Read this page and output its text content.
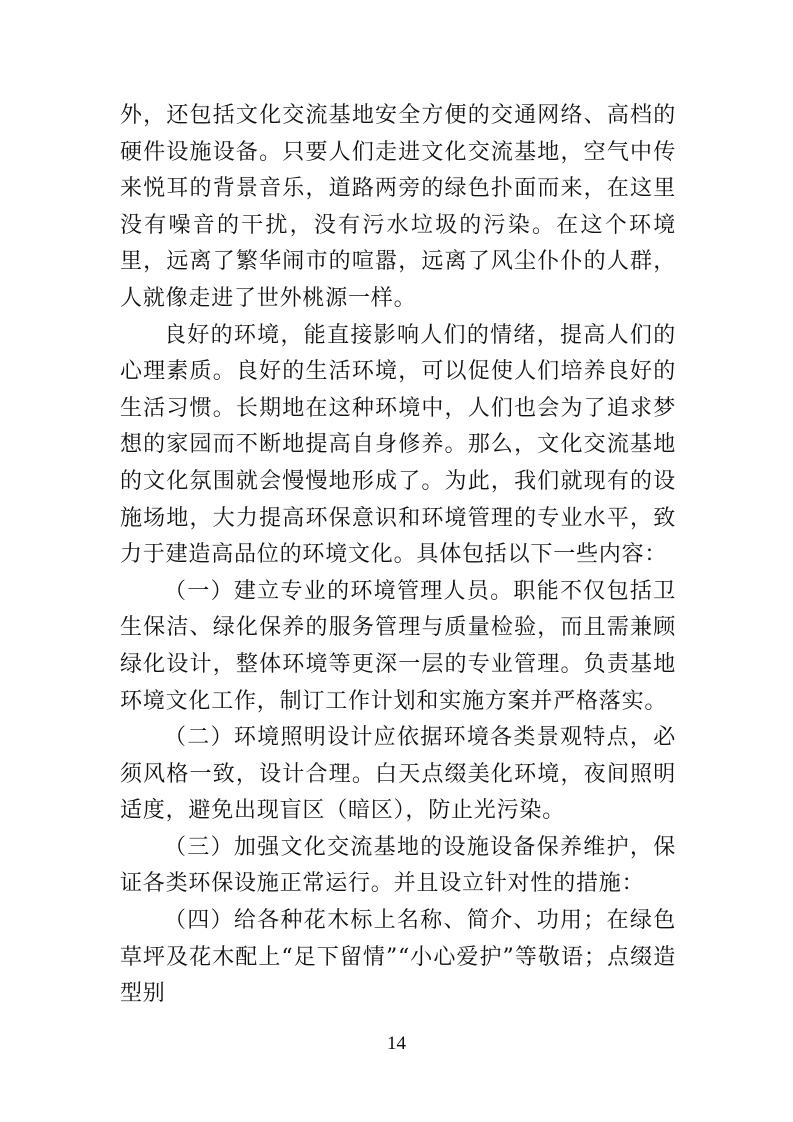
外，还包括文化交流基地安全方便的交通网络、高档的硬件设施设备。只要人们走进文化交流基地，空气中传来悦耳的背景音乐，道路两旁的绿色扑面而来，在这里没有噪音的干扰，没有污水垃圾的污染。在这个环境里，远离了繁华闹市的喧嚣，远离了风尘仆仆的人群，人就像走进了世外桃源一样。

良好的环境，能直接影响人们的情绪，提高人们的心理素质。良好的生活环境，可以促使人们培养良好的生活习惯。长期地在这种环境中，人们也会为了追求梦想的家园而不断地提高自身修养。那么，文化交流基地的文化氛围就会慢慢地形成了。为此，我们就现有的设施场地，大力提高环保意识和环境管理的专业水平，致力于建造高品位的环境文化。具体包括以下一些内容：

（一）建立专业的环境管理人员。职能不仅包括卫生保洁、绿化保养的服务管理与质量检验，而且需兼顾绿化设计，整体环境等更深一层的专业管理。负责基地环境文化工作，制订工作计划和实施方案并严格落实。

（二）环境照明设计应依据环境各类景观特点，必须风格一致，设计合理。白天点缀美化环境，夜间照明适度，避免出现盲区（暗区），防止光污染。

（三）加强文化交流基地的设施设备保养维护，保证各类环保设施正常运行。并且设立针对性的措施：

（四）给各种花木标上名称、简介、功用；在绿色草坪及花木配上“足下留情”“小心爱护”等敬语；点缀造型别

14
